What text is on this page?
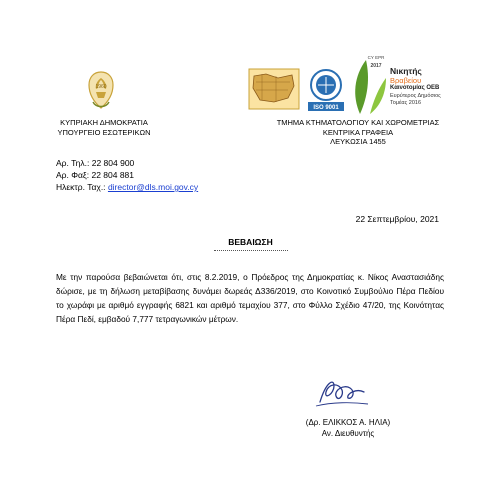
1960
ΚΥΠΡΙΑΚΗ ΔΗΜΟΚΡΑΤΙΑ
ΥΠΟΥΡΓΕΙΟ ΕΣΩΤΕΡΙΚΩΝ
ISO 9001
CY EPR
2017 Νικητής
Βραβείου
Καινοτομίας ΟΕΒ
Ευρύτερος Δημόσιος
Τομέας 2016
ΤΜΗΜΑ ΚΤΗΜΑΤΟΛΟΓΙΟΥ ΚΑΙ ΧΩΡΟΜΕΤΡΙΑΣ
ΚΕΝΤΡΙΚΑ ΓΡΑΦΕΙΑ
ΛΕΥΚΩΣΙΑ 1455
Αρ. Τηλ.: 22 804 900
Αρ. Φαξ: 22 804 881
Ηλεκτρ. Ταχ.: director@dls.moi.gov.cy
22 Σεπτεμβρίου, 2021
ΒΕΒΑΙΩΣΗ
Με την παρούσα βεβαιώνεται ότι, στις 8.2.2019, ο Πρόεδρος της Δημοκρατίας κ. Νίκος Αναστασιάδης δώρισε, με τη δήλωση μεταβίβασης δυνάμει δωρεάς Δ336/2019, στο Κοινοτικό Συμβούλιο Πέρα Πεδίου το χωράφι με αριθμό εγγραφής 6821 και αριθμό τεμαχίου 377, στο Φύλλο Σχέδιο 47/20, της Κοινότητας Πέρα Πεδί, εμβαδού 7,777 τετραγωνικών μέτρων.
(Δρ. ΕΛΙΚΚΟΣ Α. ΗΛΙΑ)
Αν. Διευθυντής
